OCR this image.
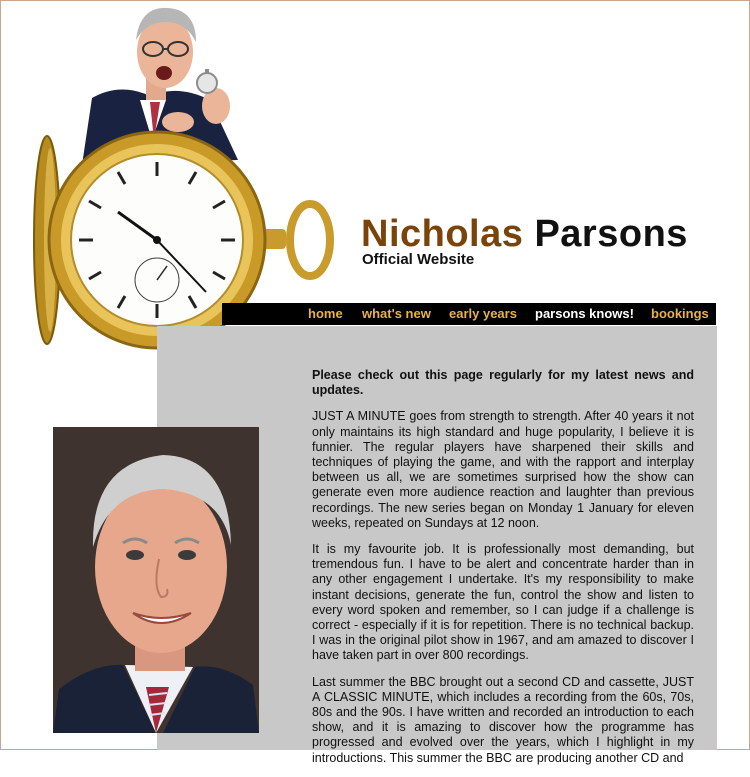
Nicholas Parsons
Official Website
home what's new early years parsons knows! bookings

Please check out this page regularly for my latest news and updates.

JUST A MINUTE goes from strength to strength. After 40 years it not only maintains its high standard and huge popularity, I believe it is funnier. The regular players have sharpened their skills and techniques of playing the game, and with the rapport and interplay between us all, we are sometimes surprised how the show can generate even more audience reaction and laughter than previous recordings. The new series began on Monday 1 January for eleven weeks, repeated on Sundays at 12 noon.

It is my favourite job. It is professionally most demanding, but tremendous fun. I have to be alert and concentrate harder than in any other engagement I undertake. It's my responsibility to make instant decisions, generate the fun, control the show and listen to every word spoken and remember, so I can judge if a challenge is correct - especially if it is for repetition. There is no technical backup. I was in the original pilot show in 1967, and am amazed to discover I have taken part in over 800 recordings.

Last summer the BBC brought out a second CD and cassette, JUST A CLASSIC MINUTE, which includes a recording from the 60s, 70s, 80s and the 90s. I have written and recorded an introduction to each show, and it is amazing to discover how the programme has progressed and evolved over the years, which I highlight in my introductions. This summer the BBC are producing another CD and
